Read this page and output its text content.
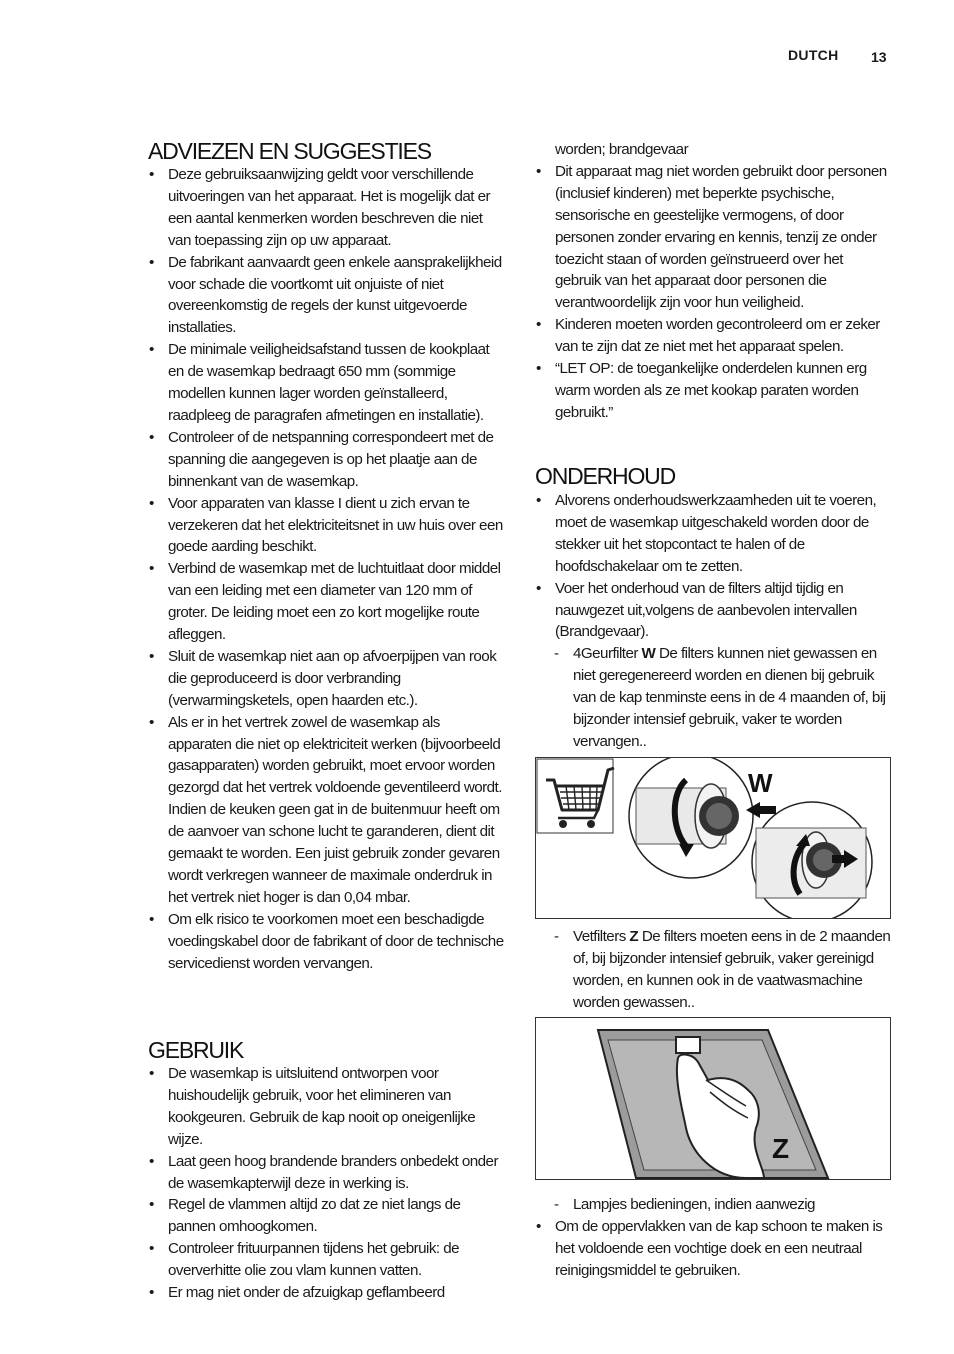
DUTCH 13
ADVIEZEN EN SUGGESTIES
• Deze gebruiksaanwijzing geldt voor verschillende uitvoeringen van het apparaat. Het is mogelijk dat er een aantal kenmerken worden beschreven die niet van toepassing zijn op uw apparaat.
• De fabrikant aanvaardt geen enkele aansprakelijkheid voor schade die voortkomt uit onjuiste of niet overeenkomstig de regels der kunst uitgevoerde installaties.
• De minimale veiligheidsafstand tussen de kookplaat en de wasemkap bedraagt 650 mm (sommige modellen kunnen lager worden geïnstalleerd, raadpleeg de paragrafen afmetingen en installatie).
• Controleer of de netspanning correspondeert met de spanning die aangegeven is op het plaatje aan de binnenkant van de wasemkap.
• Voor apparaten van klasse I dient u zich ervan te verzekeren dat het elektriciteitsnet in uw huis over een goede aarding beschikt.
• Verbind de wasemkap met de luchtuitlaat door middel van een leiding met een diameter van 120 mm of groter. De leiding moet een zo kort mogelijke route afleggen.
• Sluit de wasemkap niet aan op afvoerpijpen van rook die geproduceerd is door verbranding (verwarmingsketels, open haarden etc.).
• Als er in het vertrek zowel de wasemkap als apparaten die niet op elektriciteit werken (bijvoorbeeld gasapparaten) worden gebruikt, moet ervoor worden gezorgd dat het vertrek voldoende geventileerd wordt. Indien de keuken geen gat in de buitenmuur heeft om de aanvoer van schone lucht te garanderen, dient dit gemaakt te worden. Een juist gebruik zonder gevaren wordt verkregen wanneer de maximale onderdruk in het vertrek niet hoger is dan 0,04 mbar.
• Om elk risico te voorkomen moet een beschadigde voedingskabel door de fabrikant of door de technische servicedienst worden vervangen.
GEBRUIK
• De wasemkap is uitsluitend ontworpen voor huishoudelijk gebruik, voor het elimineren van kookgeuren. Gebruik de kap nooit op oneigenlijke wijze.
• Laat geen hoog brandende branders onbedekt onder de wasemkapterwijl deze in werking is.
• Regel de vlammen altijd zo dat ze niet langs de pannen omhoogkomen.
• Controleer frituurpannen tijdens het gebruik: de oververhitte olie zou vlam kunnen vatten.
• Er mag niet onder de afzuigkap geflambeerd
worden; brandgevaar
• Dit apparaat mag niet worden gebruikt door personen (inclusief kinderen) met beperkte psychische, sensorische en geestelijke vermogens, of door personen zonder ervaring en kennis, tenzij ze onder toezicht staan of worden geïnstrueerd over het gebruik van het apparaat door personen die verantwoordelijk zijn voor hun veiligheid.
• Kinderen moeten worden gecontroleerd om er zeker van te zijn dat ze niet met het apparaat spelen.
• “LET OP: de toegankelijke onderdelen kunnen erg warm worden als ze met kookap paraten worden gebruikt.”
ONDERHOUD
• Alvorens onderhoudswerkzaamheden uit te voeren, moet de wasemkap uitgeschakeld worden door de stekker uit het stopcontact te halen of de hoofdschakelaar om te zetten.
• Voer het onderhoud van de filters altijd tijdig en nauwgezet uit,volgens de aanbevolen intervallen (Brandgevaar).
- 4Geurfilter W De filters kunnen niet gewassen en niet geregenereerd worden en dienen bij gebruik van de kap tenminste eens in de 4 maanden of, bij bijzonder intensief gebruik, vaker te worden vervangen..
W
- Vetfilters Z De filters moeten eens in de 2 maanden of, bij bijzonder intensief gebruik, vaker gereinigd worden, en kunnen ook in de vaatwasmachine worden gewassen..
Z
- Lampjes bedieningen, indien aanwezig
• Om de oppervlakken van de kap schoon te maken is het voldoende een vochtige doek en een neutraal reinigingsmiddel te gebruiken.
